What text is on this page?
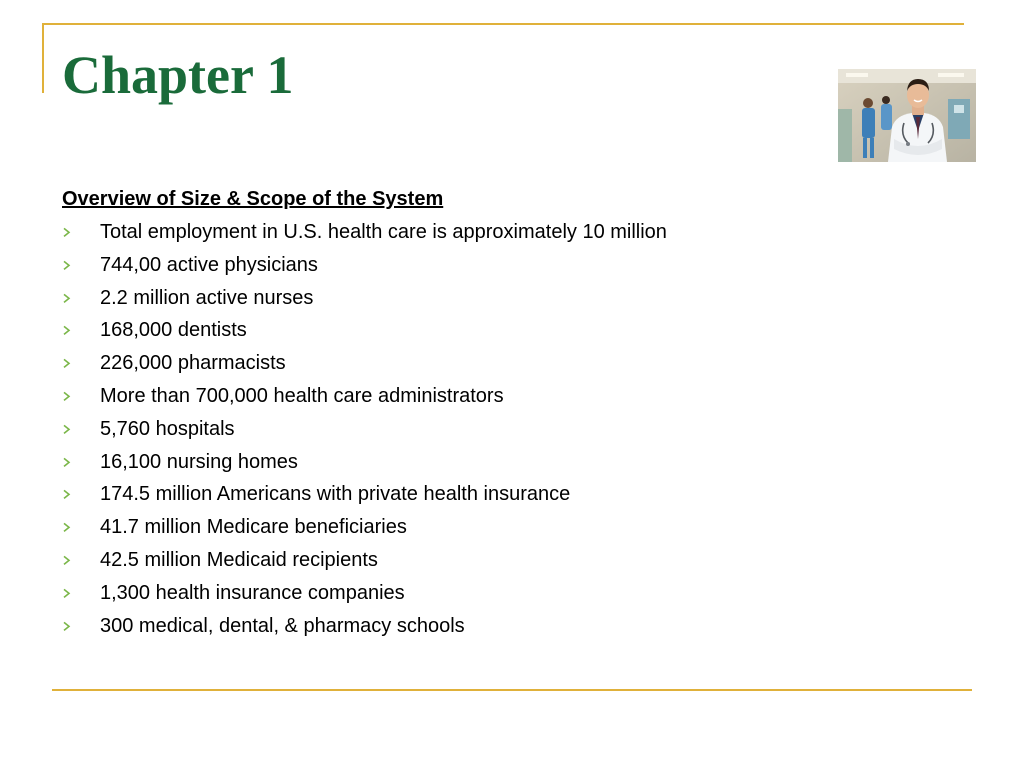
Chapter 1

Overview of Size & Scope of the System

Total employment in U.S. health care is approximately 10 million
744,00 active physicians
2.2 million active nurses
168,000 dentists
226,000 pharmacists
More than 700,000 health care administrators
5,760 hospitals
16,100 nursing homes
174.5 million Americans with private health insurance
41.7 million Medicare beneficiaries
42.5 million Medicaid recipients
1,300 health insurance companies
300 medical, dental, & pharmacy schools
